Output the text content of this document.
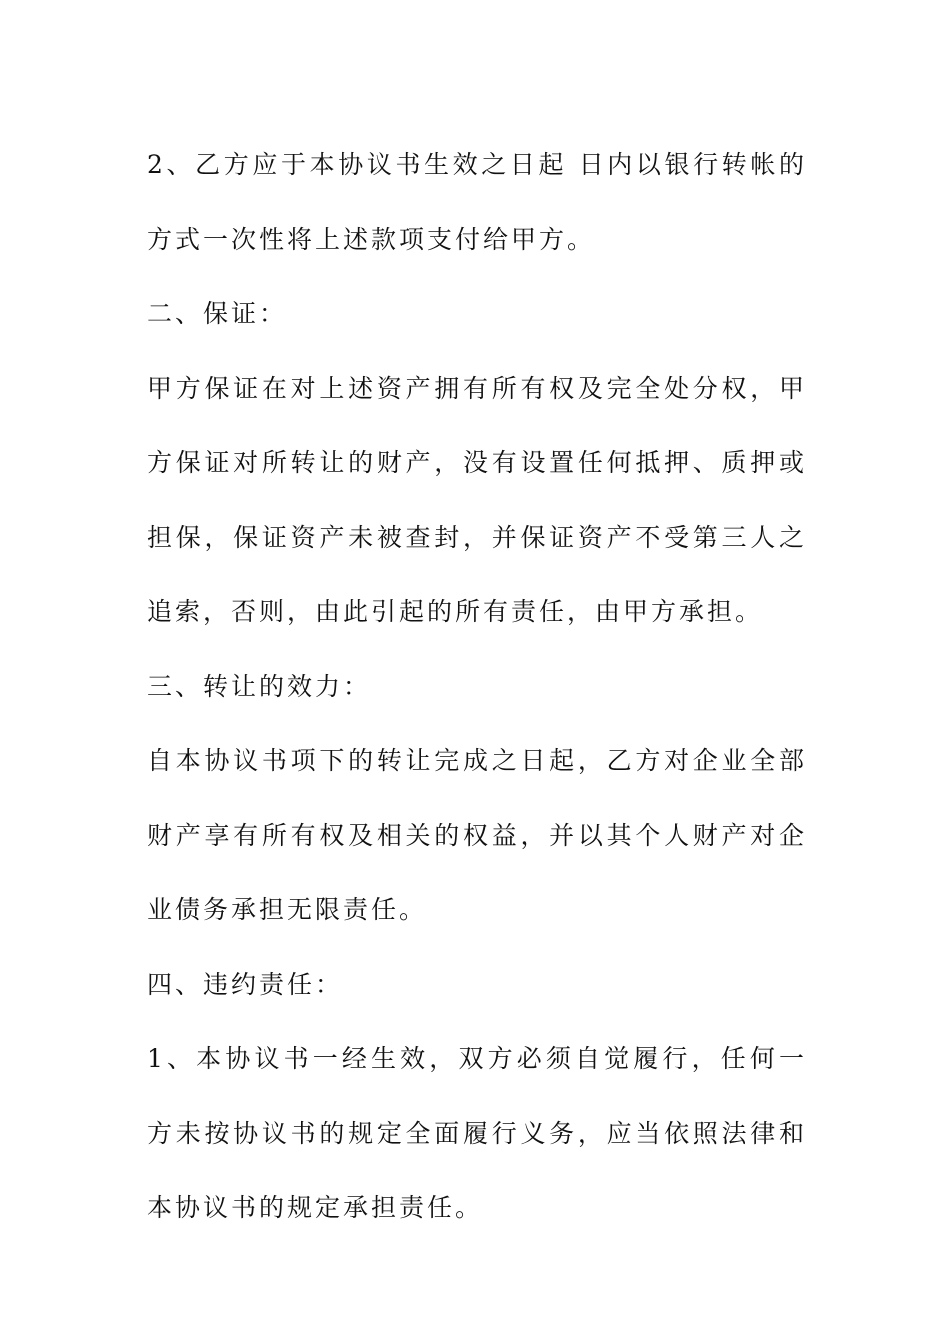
2、乙方应于本协议书生效之日起 日内以银行转帐的方式一次性将上述款项支付给甲方。

二、保证：

甲方保证在对上述资产拥有所有权及完全处分权，甲方保证对所转让的财产，没有设置任何抵押、质押或担保，保证资产未被查封，并保证资产不受第三人之追索，否则，由此引起的所有责任，由甲方承担。

三、转让的效力：

自本协议书项下的转让完成之日起，乙方对企业全部财产享有所有权及相关的权益，并以其个人财产对企业债务承担无限责任。

四、违约责任：

1、本协议书一经生效，双方必须自觉履行，任何一方未按协议书的规定全面履行义务，应当依照法律和本协议书的规定承担责任。
